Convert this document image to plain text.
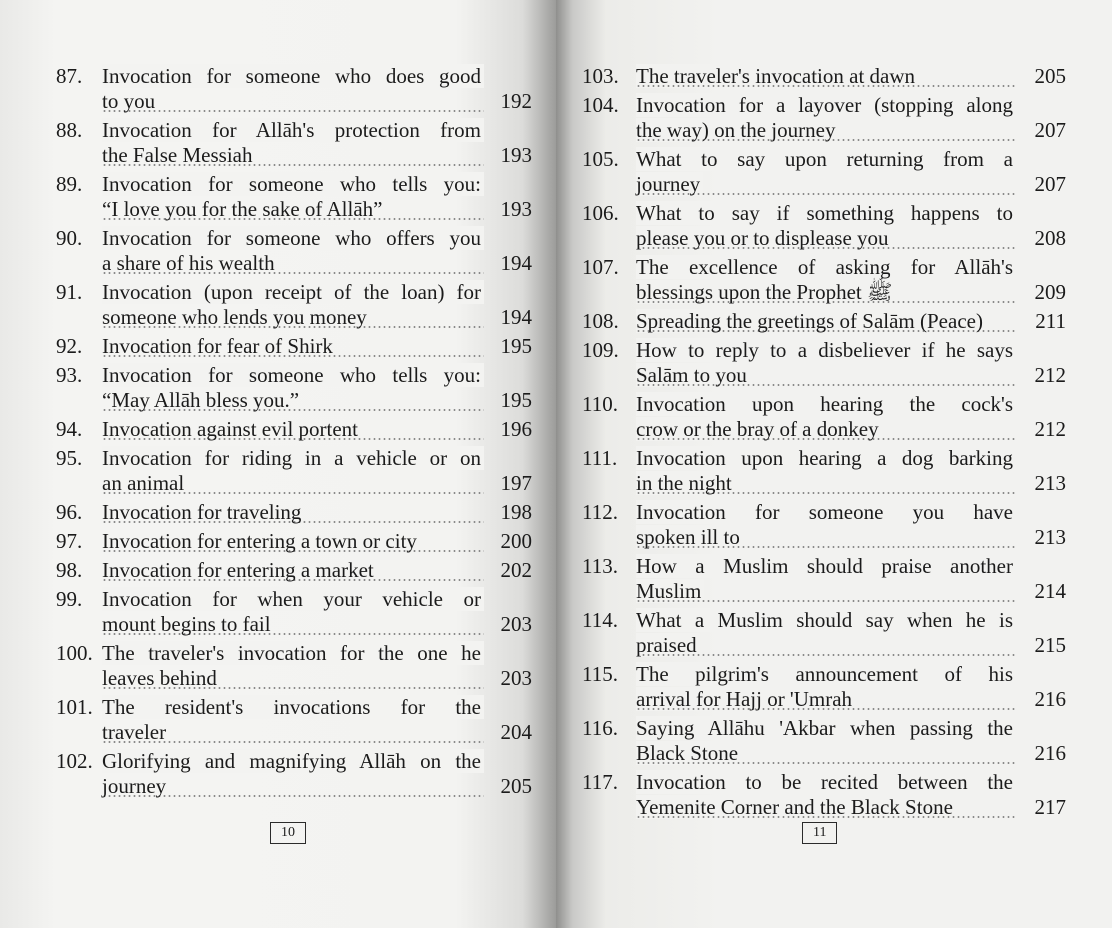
87. Invocation for someone who does good
to you	192
88. Invocation for Allāh's protection from
the False Messiah	193
89. Invocation for someone who tells you:
“I love you for the sake of Allāh”	193
90. Invocation for someone who offers you
a share of his wealth	194
91. Invocation (upon receipt of the loan) for
someone who lends you money	194
92. Invocation for fear of Shirk	195
93. Invocation for someone who tells you:
“May Allāh bless you.”	195
94. Invocation against evil portent	196
95. Invocation for riding in a vehicle or on
an animal	197
96. Invocation for traveling	198
97. Invocation for entering a town or city	200
98. Invocation for entering a market	202
99. Invocation for when your vehicle or
mount begins to fail	203
100. The traveler's invocation for the one he
leaves behind	203
101. The resident's invocations for the
traveler	204
102. Glorifying and magnifying Allāh on the
journey	205
10
103. The traveler's invocation at dawn	205
104. Invocation for a layover (stopping along
the way) on the journey	207
105. What to say upon returning from a
journey	207
106. What to say if something happens to
please you or to displease you	208
107. The excellence of asking for Allāh's
blessings upon the Prophet ﷺ	209
108. Spreading the greetings of Salām (Peace)	211
109. How to reply to a disbeliever if he says
Salām to you	212
110. Invocation upon hearing the cock's
crow or the bray of a donkey	212
111. Invocation upon hearing a dog barking
in the night	213
112. Invocation for someone you have
spoken ill to	213
113. How a Muslim should praise another
Muslim	214
114. What a Muslim should say when he is
praised	215
115. The pilgrim's announcement of his
arrival for Hajj or 'Umrah	216
116. Saying Allāhu 'Akbar when passing the
Black Stone	216
117. Invocation to be recited between the
Yemenite Corner and the Black Stone	217
11
